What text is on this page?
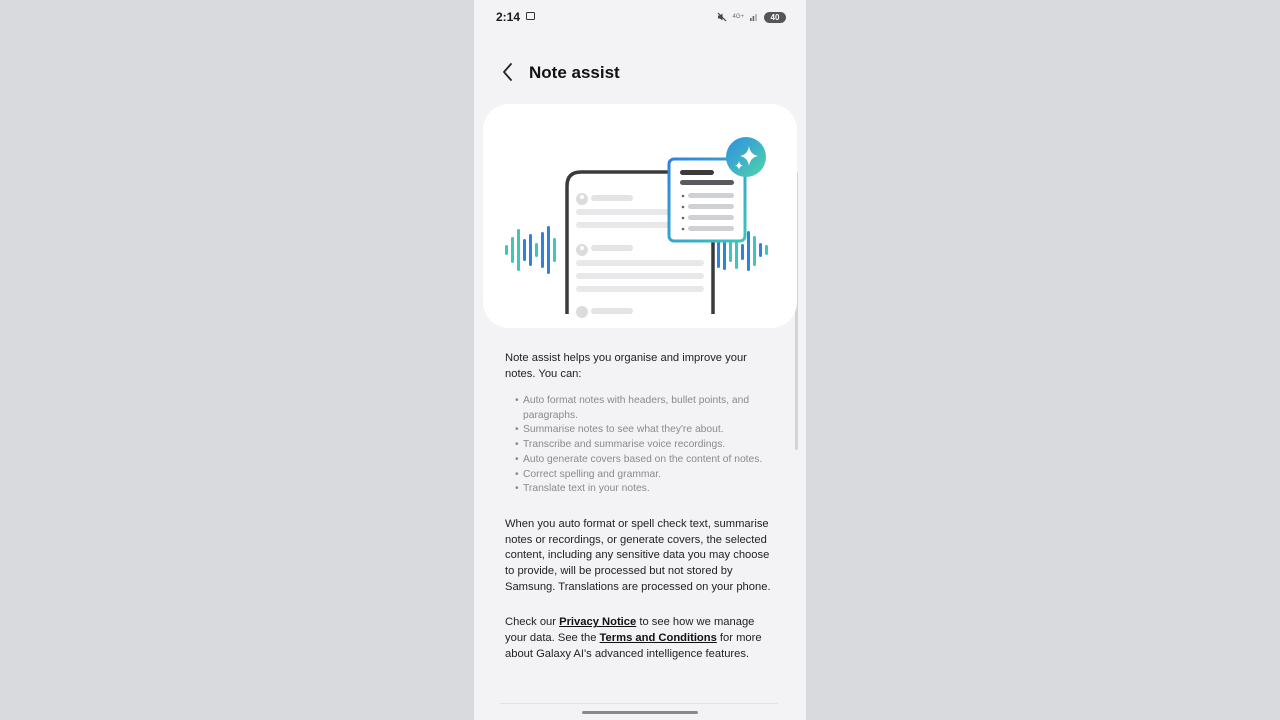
2:14	4G+	40
Note assist

Note assist helps you organise and improve your notes. You can:

• Auto format notes with headers, bullet points, and paragraphs.
• Summarise notes to see what they're about.
• Transcribe and summarise voice recordings.
• Auto generate covers based on the content of notes.
• Correct spelling and grammar.
• Translate text in your notes.

When you auto format or spell check text, summarise notes or recordings, or generate covers, the selected content, including any sensitive data you may choose to provide, will be processed but not stored by Samsung. Translations are processed on your phone.

Check our Privacy Notice to see how we manage your data. See the Terms and Conditions for more about Galaxy AI's advanced intelligence features.
